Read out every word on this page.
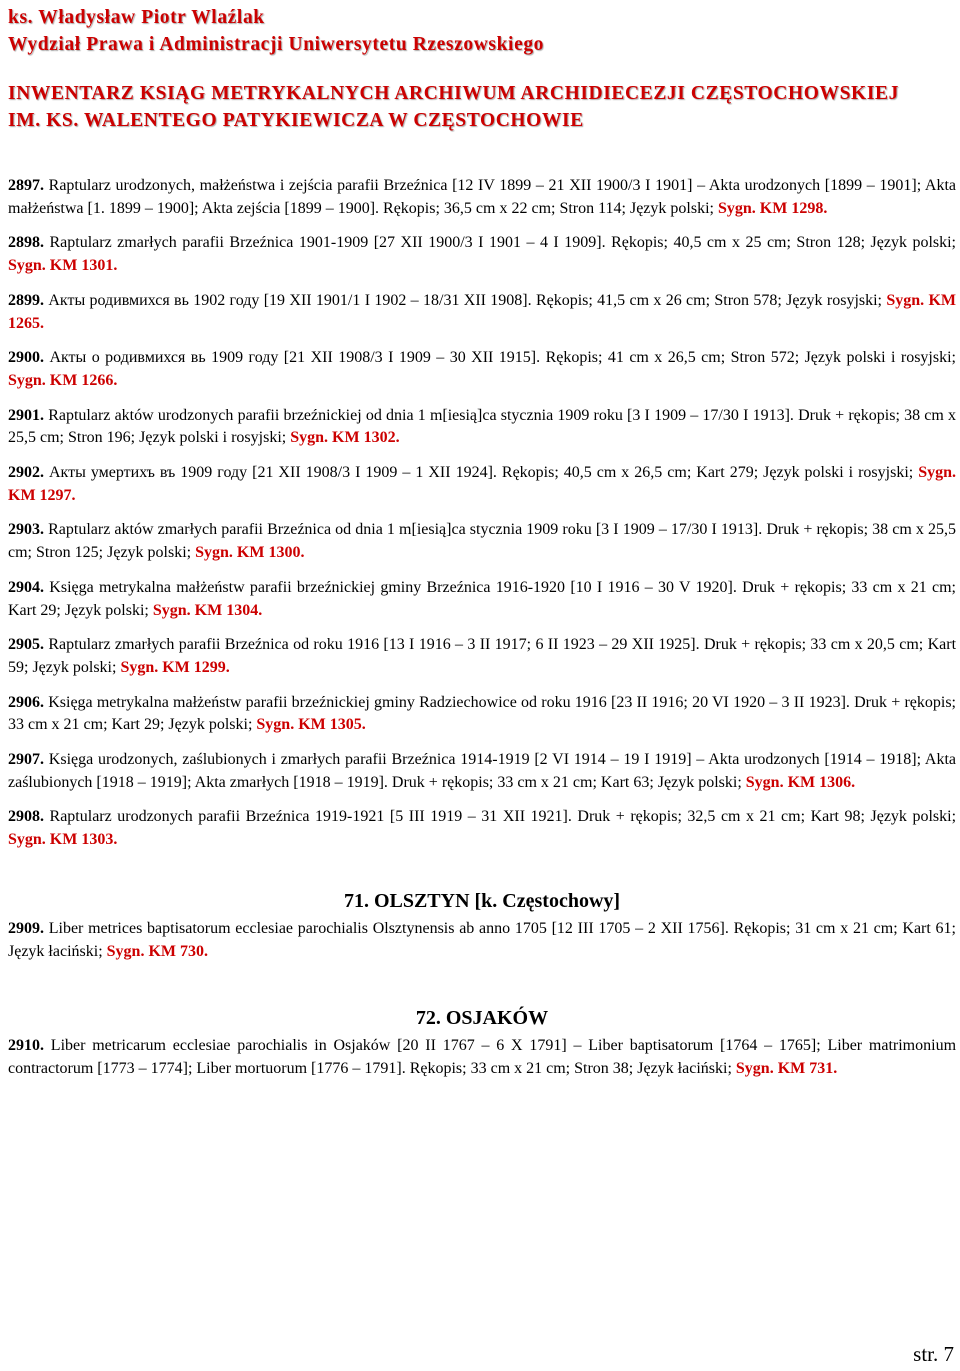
ks. Władysław Piotr Wlaźlak
Wydział Prawa i Administracji Uniwersytetu Rzeszowskiego
INWENTARZ KSIĄG METRYKALNYCH ARCHIWUM ARCHIDIECEZJI CZĘSTOCHOWSKIEJ
IM. KS. WALENTEGO PATYKIEWICZA W CZĘSTOCHOWIE

2897. Raptularz urodzonych, małżeństwa i zejścia parafii Brzeźnica [12 IV 1899 – 21 XII 1900/3 I 1901] – Akta urodzonych [1899 – 1901]; Akta małżeństwa [1. 1899 – 1900]; Akta zejścia [1899 – 1900]. Rękopis; 36,5 cm x 22 cm; Stron 114; Język polski; Sygn. KM 1298.

2898. Raptularz zmarłych parafii Brzeźnica 1901-1909 [27 XII 1900/3 I 1901 – 4 I 1909]. Rękopis; 40,5 cm x 25 cm; Stron 128; Język polski; Sygn. KM 1301.

2899. Акты родивмихся вь 1902 году [19 XII 1901/1 I 1902 – 18/31 XII 1908]. Rękopis; 41,5 cm x 26 cm; Stron 578; Język rosyjski; Sygn. KM 1265.

2900. Акты о родивмихся вь 1909 году [21 XII 1908/3 I 1909 – 30 XII 1915]. Rękopis; 41 cm x 26,5 cm; Stron 572; Język polski i rosyjski; Sygn. KM 1266.

2901. Raptularz aktów urodzonych parafii brzeźnickiej od dnia 1 m[iesią]ca stycznia 1909 roku [3 I 1909 – 17/30 I 1913]. Druk + rękopis; 38 cm x 25,5 cm; Stron 196; Język polski i rosyjski; Sygn. KM 1302.

2902. Акты умертихъ въ 1909 году [21 XII 1908/3 I 1909 – 1 XII 1924]. Rękopis; 40,5 cm x 26,5 cm; Kart 279; Język polski i rosyjski; Sygn. KM 1297.

2903. Raptularz aktów zmarłych parafii Brzeźnica od dnia 1 m[iesią]ca stycznia 1909 roku [3 I 1909 – 17/30 I 1913]. Druk + rękopis; 38 cm x 25,5 cm; Stron 125; Język polski; Sygn. KM 1300.

2904. Księga metrykalna małżeństw parafii brzeźnickiej gminy Brzeźnica 1916-1920 [10 I 1916 – 30 V 1920]. Druk + rękopis; 33 cm x 21 cm; Kart 29; Język polski; Sygn. KM 1304.

2905. Raptularz zmarłych parafii Brzeźnica od roku 1916 [13 I 1916 – 3 II 1917; 6 II 1923 – 29 XII 1925]. Druk + rękopis; 33 cm x 20,5 cm; Kart 59; Język polski; Sygn. KM 1299.

2906. Księga metrykalna małżeństw parafii brzeźnickiej gminy Radziechowice od roku 1916 [23 II 1916; 20 VI 1920 – 3 II 1923]. Druk + rękopis; 33 cm x 21 cm; Kart 29; Język polski; Sygn. KM 1305.

2907. Księga urodzonych, zaślubionych i zmarłych parafii Brzeźnica 1914-1919 [2 VI 1914 – 19 I 1919] – Akta urodzonych [1914 – 1918]; Akta zaślubionych [1918 – 1919]; Akta zmarłych [1918 – 1919]. Druk + rękopis; 33 cm x 21 cm; Kart 63; Język polski; Sygn. KM 1306.

2908. Raptularz urodzonych parafii Brzeźnica 1919-1921 [5 III 1919 – 31 XII 1921]. Druk + rękopis; 32,5 cm x 21 cm; Kart 98; Język polski; Sygn. KM 1303.

71. OLSZTYN [k. Częstochowy]

2909. Liber metrices baptisatorum ecclesiae parochialis Olsztynensis ab anno 1705 [12 III 1705 – 2 XII 1756]. Rękopis; 31 cm x 21 cm; Kart 61; Język łaciński; Sygn. KM 730.

72. OSJAKÓW

2910. Liber metricarum ecclesiae parochialis in Osjaków [20 II 1767 – 6 X 1791] – Liber baptisatorum [1764 – 1765]; Liber matrimonium contractorum [1773 – 1774]; Liber mortuorum [1776 – 1791]. Rękopis; 33 cm x 21 cm; Stron 38; Język łaciński; Sygn. KM 731.

str. 7
